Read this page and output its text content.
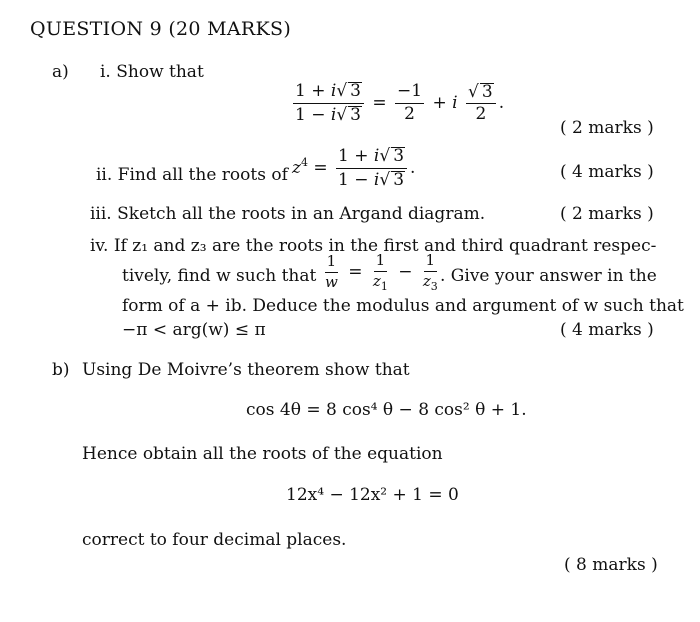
QUESTION 9 (20 MARKS)
a) i. Show that
$\frac{1 + i√ 3}{1 - i√ 3} = \frac{-1}{2} + i \frac{√ 3}{2}$ .
( 2 marks )
ii. Find all the roots of $z^4 = \frac{1 + i√ 3}{1 - i√ 3}$ .	( 4 marks )
iii. Sketch all the roots in an Argand diagram.	( 2 marks )
iv. If z₁ and z₃ are the roots in the first and third quadrant respec-
tively, find w such that $\frac{1}{w} = \frac{1}{z_1} - \frac{1}{z_3}$ . Give your answer in the
form of a + ib. Deduce the modulus and argument of w such that
−π < arg(w) ≤ π	( 4 marks )
b) Using De Moivre’s theorem show that
cos 4θ = 8 cos⁴ θ − 8 cos² θ + 1.
Hence obtain all the roots of the equation
12x⁴ − 12x² + 1 = 0
correct to four decimal places.
( 8 marks )
